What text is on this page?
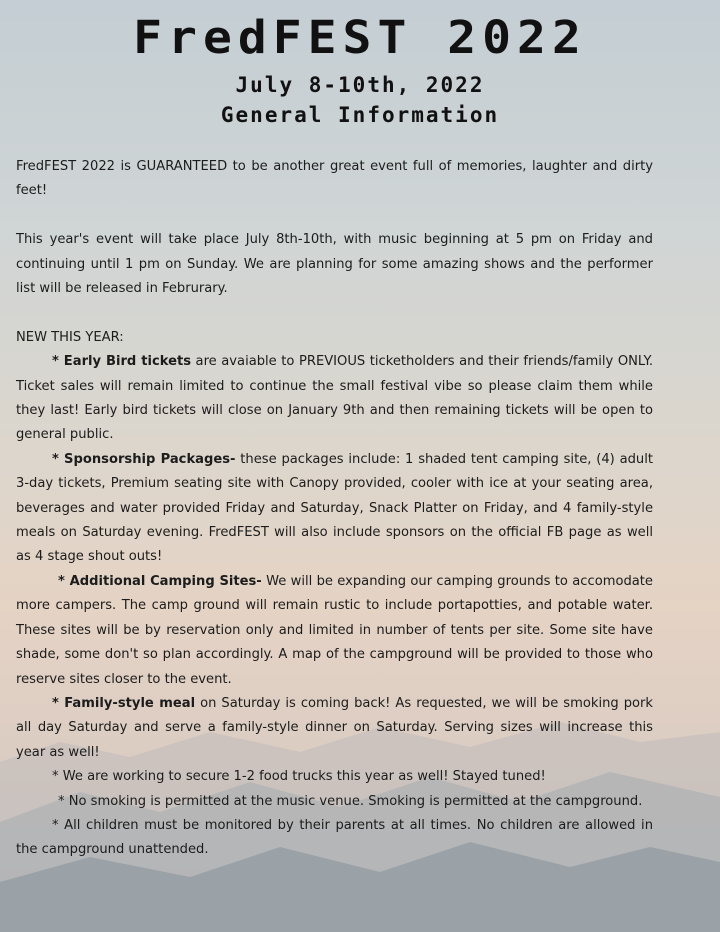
FredFEST 2022
July 8-10th, 2022
General Information

FredFEST 2022 is GUARANTEED to be another great event full of memories, laughter and dirty feet!

This year's event will take place July 8th-10th, with music beginning at 5 pm on Friday and continuing until 1 pm on Sunday. We are planning for some amazing shows and the performer list will be released in Februrary.

NEW THIS YEAR:

* Early Bird tickets are avaiable to PREVIOUS ticketholders and their friends/family ONLY. Ticket sales will remain limited to continue the small festival vibe so please claim them while they last! Early bird tickets will close on January 9th and then remaining tickets will be open to general public.

* Sponsorship Packages- these packages include: 1 shaded tent camping site, (4) adult 3-day tickets, Premium seating site with Canopy provided, cooler with ice at your seating area, beverages and water provided Friday and Saturday, Snack Platter on Friday, and 4 family-style meals on Saturday evening. FredFEST will also include sponsors on the official FB page as well as 4 stage shout outs!

* Additional Camping Sites- We will be expanding our camping grounds to accomodate more campers. The camp ground will remain rustic to include portapotties, and potable water. These sites will be by reservation only and limited in number of tents per site. Some site have shade, some don't so plan accordingly. A map of the campground will be provided to those who reserve sites closer to the event.

* Family-style meal on Saturday is coming back! As requested, we will be smoking pork all day Saturday and serve a family-style dinner on Saturday. Serving sizes will increase this year as well!

* We are working to secure 1-2 food trucks this year as well! Stayed tuned!

* No smoking is permitted at the music venue. Smoking is permitted at the campground.

* All children must be monitored by their parents at all times. No children are allowed in the campground unattended.
